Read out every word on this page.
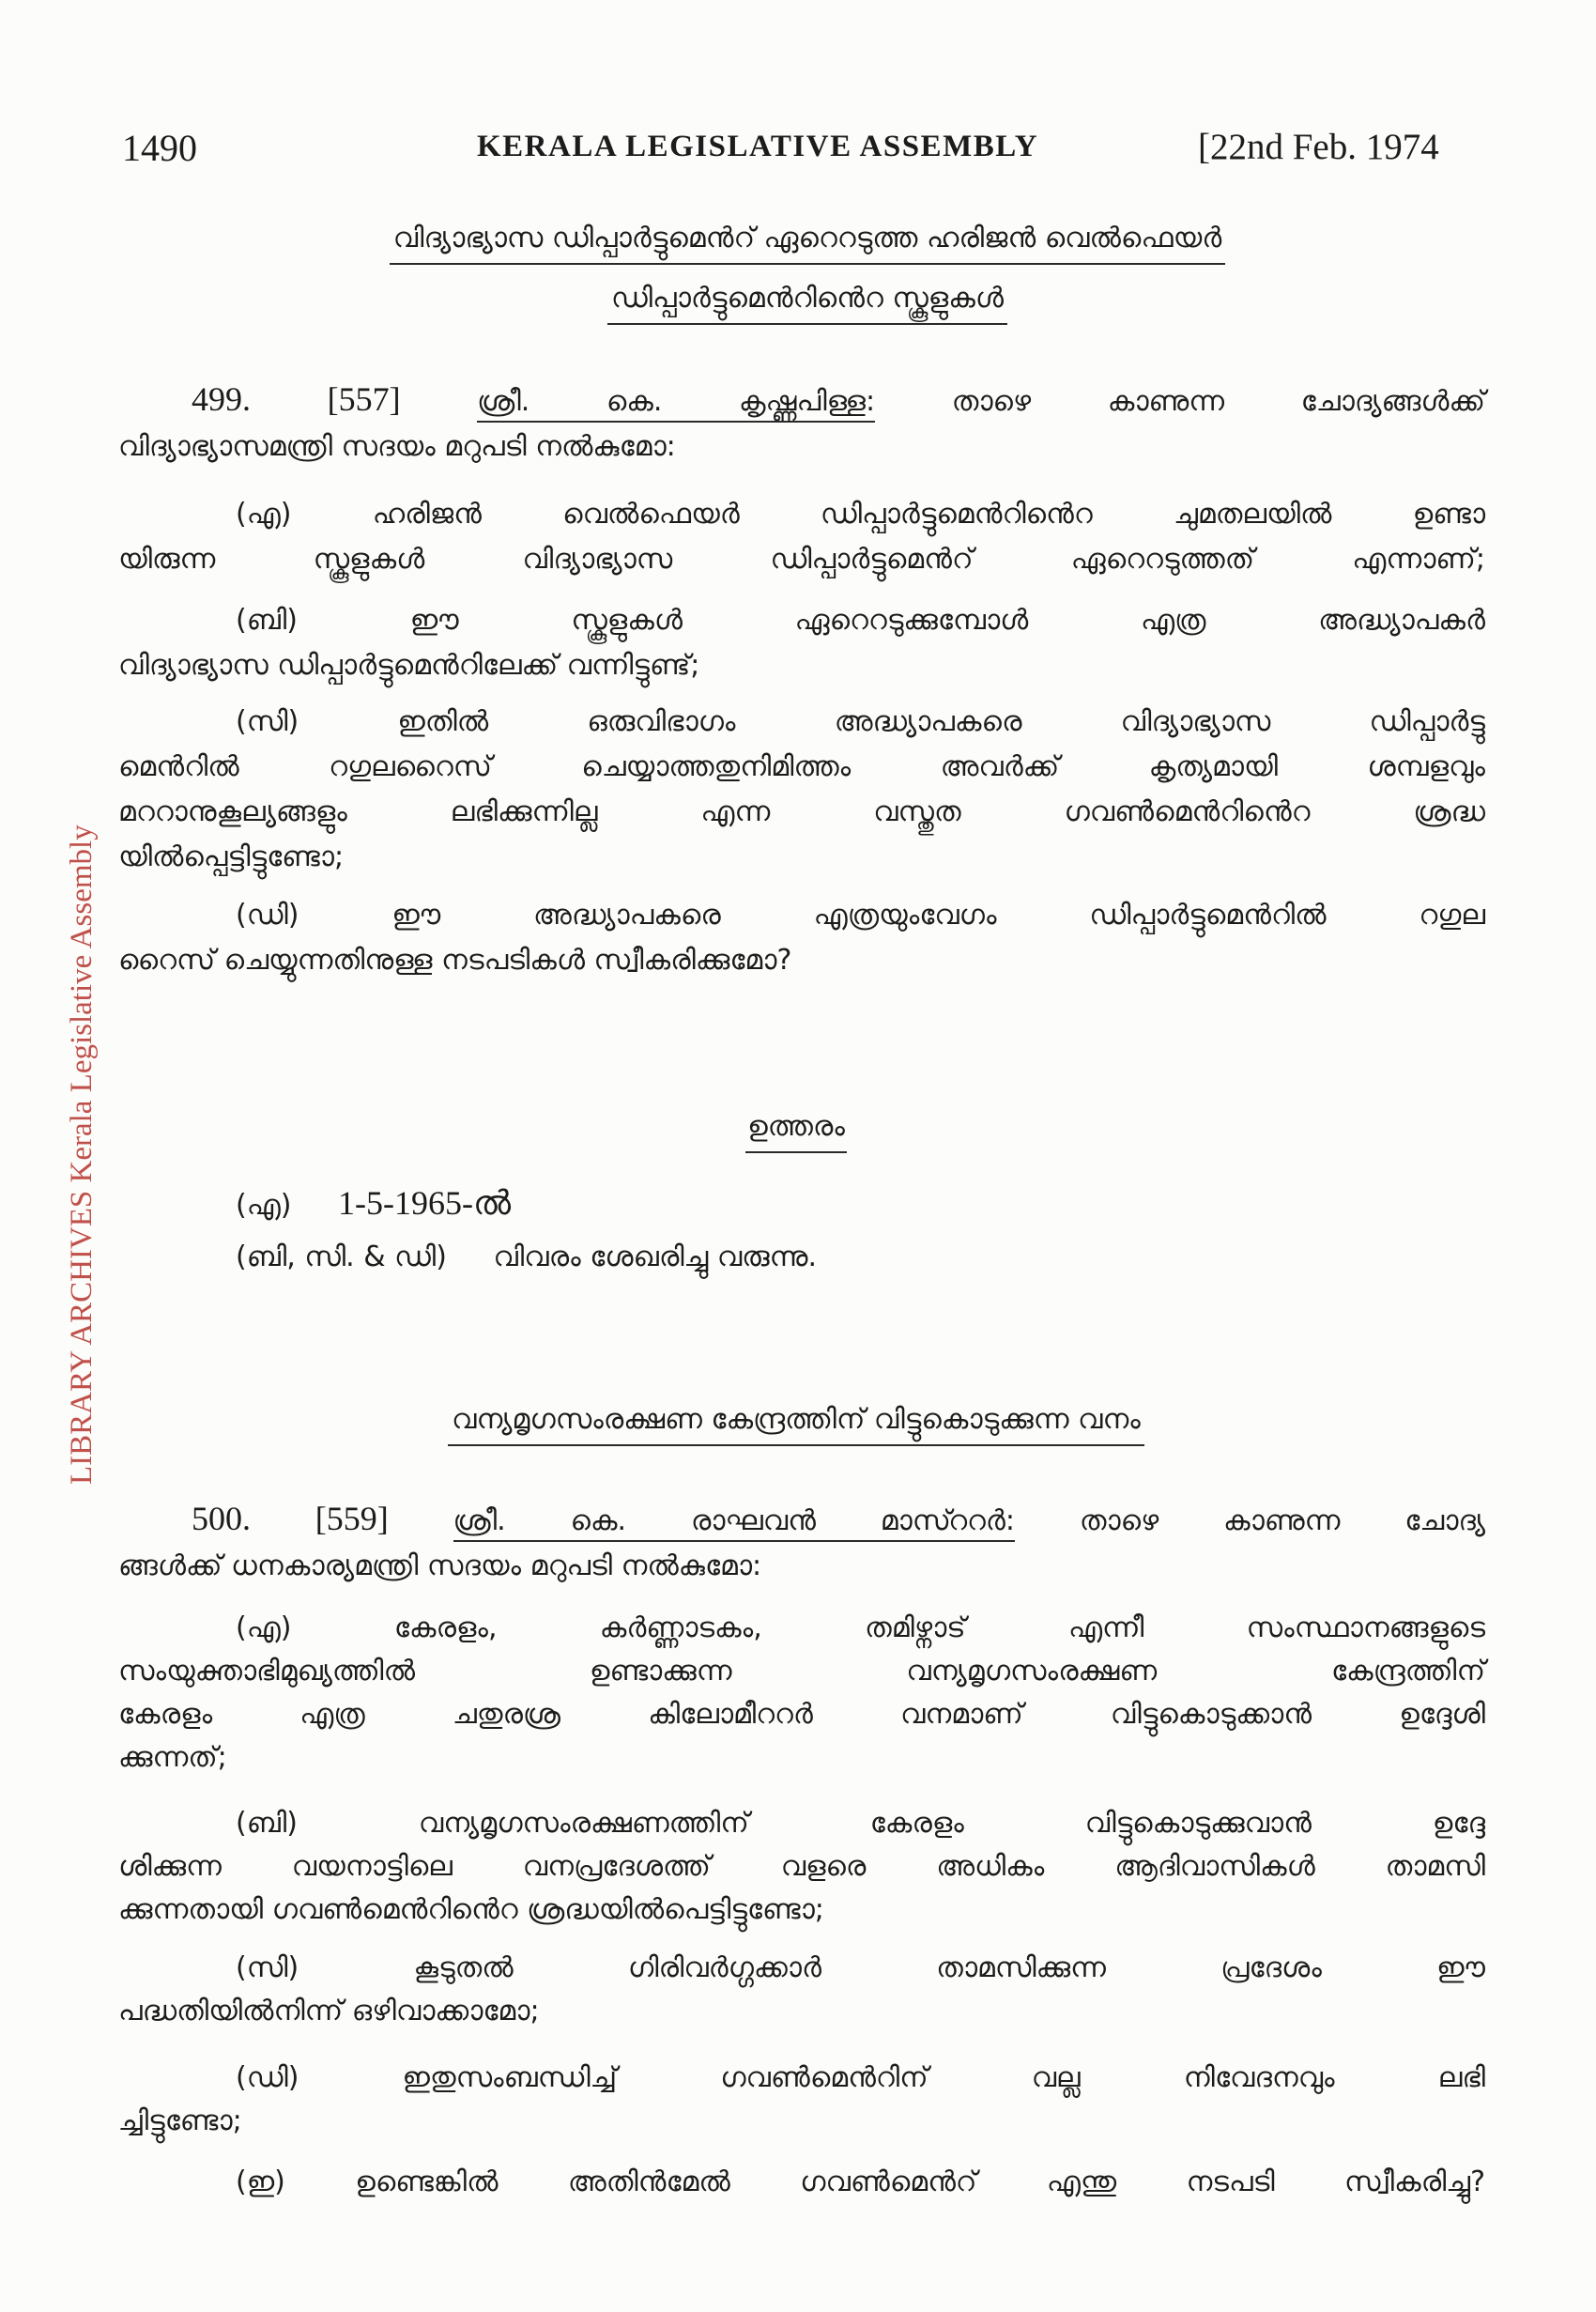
1490	KERALA LEGISLATIVE ASSEMBLY	[22nd Feb. 1974
LIBRARY ARCHIVES Kerala Legislative Assembly
വിദ്യാഭ്യാസ ഡിപ്പാർട്ടുമെൻറ് ഏറെറടുത്ത ഹരിജൻ വെൽഫെയർ
ഡിപ്പാർട്ടുമെൻറിൻെറ സ്കൂളുകൾ
499. [557]	ശ്രീ. കെ. കൃഷ്ണപിള്ള:	താഴെ കാണുന്ന ചോദ്യങ്ങൾക്ക്
വിദ്യാഭ്യാസമന്ത്രി സദയം മറുപടി നൽകുമോ:
(എ)	ഹരിജൻ വെൽഫെയർ ഡിപ്പാർട്ടുമെൻറിൻെറ ചുമതലയിൽ ഉണ്ടാ
യിരുന്ന സ്കൂളുകൾ വിദ്യാഭ്യാസ ഡിപ്പാർട്ടുമെൻറ് ഏറെറടുത്തത് എന്നാണ്;
(ബി)	ഈ സ്കൂളുകൾ ഏറെറടുക്കുമ്പോൾ എത്ര അദ്ധ്യാപകർ
വിദ്യാഭ്യാസ ഡിപ്പാർട്ടുമെൻറിലേക്ക് വന്നിട്ടുണ്ട്;
(സി)	ഇതിൽ ഒരുവിഭാഗം അദ്ധ്യാപകരെ വിദ്യാഭ്യാസ ഡിപ്പാർട്ടു
മെൻറിൽ റഗുലറൈസ് ചെയ്യാത്തതുനിമിത്തം അവർക്ക് കൃത്യമായി ശമ്പളവും
മററാനുകൂല്യങ്ങളും ലഭിക്കുന്നില്ല എന്ന വസ്തുത ഗവൺമെൻറിൻെറ ശ്രദ്ധ
യിൽപ്പെട്ടിട്ടുണ്ടോ;
(ഡി)	ഈ അദ്ധ്യാപകരെ എത്രയുംവേഗം ഡിപ്പാർട്ടുമെൻറിൽ റഗുല
റൈസ് ചെയ്യുന്നതിനുള്ള നടപടികൾ സ്വീകരിക്കുമോ?
ഉത്തരം
(എ) 1-5-1965-ൽ
(ബി, സി. & ഡി) വിവരം ശേഖരിച്ചു വരുന്നു.
വന്യമൃഗസംരക്ഷണ കേന്ദ്രത്തിന് വിട്ടുകൊടുക്കുന്ന വനം
500. [559] ശ്രീ. കെ. രാഘവൻ മാസ്ററർ: താഴെ കാണുന്ന ചോദ്യ
ങ്ങൾക്ക് ധനകാര്യമന്ത്രി സദയം മറുപടി നൽകുമോ:
(എ)	കേരളം, കർണ്ണാടകം, തമിഴ്നാട് എന്നീ സംസ്ഥാനങ്ങളുടെ
സംയുക്താഭിമുഖ്യത്തിൽ ഉണ്ടാക്കുന്ന വന്യമൃഗസംരക്ഷണ കേന്ദ്രത്തിന്
കേരളം എത്ര ചതുരശ്ര കിലോമീററർ വനമാണ് വിട്ടുകൊടുക്കാൻ ഉദ്ദേശി
ക്കുന്നത്;
(ബി)	വന്യമൃഗസംരക്ഷണത്തിന് കേരളം വിട്ടുകൊടുക്കുവാൻ ഉദ്ദേ
ശിക്കുന്ന വയനാട്ടിലെ വനപ്രദേശത്ത് വളരെ അധികം ആദിവാസികൾ താമസി
ക്കുന്നതായി ഗവൺമെൻറിൻെറ ശ്രദ്ധയിൽപെട്ടിട്ടുണ്ടോ;
(സി)	കൂടുതൽ ഗിരിവർഗ്ഗക്കാർ താമസിക്കുന്ന പ്രദേശം ഈ
പദ്ധതിയിൽനിന്ന് ഒഴിവാക്കാമോ;
(ഡി)	ഇതുസംബന്ധിച്ച് ഗവൺമെൻറിന് വല്ല നിവേദനവും ലഭി
ച്ചിട്ടുണ്ടോ;
(ഇ) ഉണ്ടെങ്കിൽ അതിൻമേൽ ഗവൺമെൻറ് എന്തു നടപടി സ്വീകരിച്ചു?
